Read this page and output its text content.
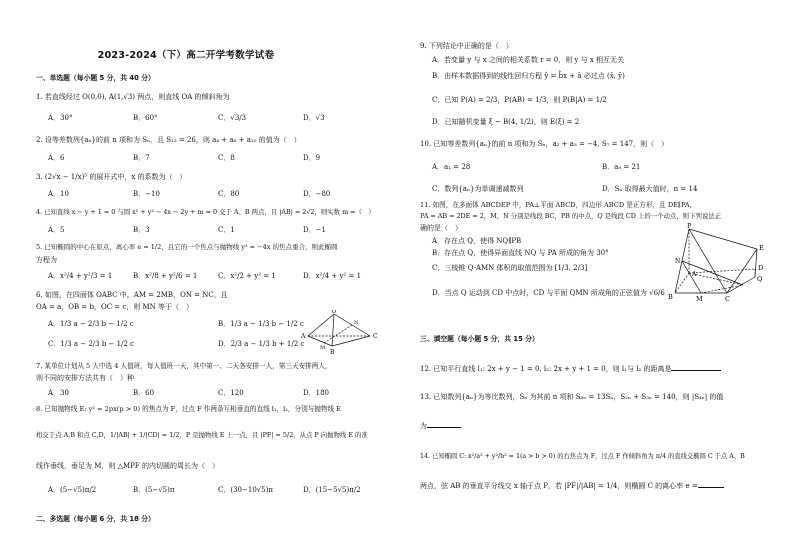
2023-2024（下）高二开学考数学试卷
一、单选题（每小题 5 分，共 40 分）
1. 若直线经过 O(0,0), A(1,√3) 两点，则直线 OA 的倾斜角为
A．30°	B．60°	C．√3/3	D．√3
2. 设等差数列{aₙ}的前 n 项和为 Sₙ，且 S₁₃ = 26，则 a₄ + a₆ + a₁₀ 的值为（　）
A．6	B．7	C．8	D．9
3. (2√x − 1/x)⁵ 的展开式中，x 的系数为（　）
A．10	B．−10	C．80	D．−80
4. 已知直线 x − y + 1 = 0 与圆 x² + y² − 4x − 2y + m = 0 交于 A、B 两点，且 |AB| = 2√2，则实数 m =（　）
A．5	B．3	C．1	D．−1
5. 已知椭圆的中心在原点，离心率 e = 1/2，且它的一个焦点与抛物线 y² = −4x 的焦点重合，则此椭圆
方程为
A．x²/4 + y²/3 = 1	B．x²/8 + y²/6 = 1	C．x²/2 + y² = 1	D．x²/4 + y² = 1
6. 如图，在四面体 OABC 中，AM = 2MB，ON = NC，且
OA = a，OB = b，OC = c，则 MN 等于（　）
A．1/3 a − 2/3 b − 1/2 c	B．1/3 a − 1/3 b − 1/2 c
C．1/3 a − 2/3 b − 1/2 c	D．2/3 a − 1/3 b + 1/2 c
O
A
B
C
M
N
7. 某单位计划从 5 人中选 4 人值班，每人值班一天，其中第一、二天各安排一人，第三天安排两人，
则不同的安排方法共有（　）种
A．30	B．60	C．120	D．180
8. 已知抛物线 E: y² = 2px(p > 0) 的焦点为 F，过点 F 作两条互相垂直的直线 l₁，l₂，分别与抛物线 E
相交于点 A,B 和点 C,D，1/|AB| + 1/|CD| = 1/2，P 是抛物线 E 上一点，且 |PF| = 5/2，从点 P 向抛物线 E 的准
线作垂线，垂足为 M，则 △MPF 的内切圆的周长为（　）
A．(5−√5)π/2	B．(5−√5)π	C．(30−10√5)π	D．(15−5√5)π/2
二、多选题（每小题 6 分，共 18 分）
9. 下列结论中正确的是（　）
A．若变量 y 与 x 之间的相关系数 r = 0，则 y 与 x 相互无关
B．由样本数据得到的线性回归方程 ŷ = b̂x + â 必过点 (x̄, ȳ)
C．已知 P(A) = 2/3，P(AB) = 1/3，则 P(B|A) = 1/2
D．已知随机变量 ξ ~ B(4, 1/2)，则 E(ξ) = 2
10. 已知等差数列{aₙ}的前 n 项和为 Sₙ，a₂ + a₃ = −4, S₇ = 147，则（　）
A．a₁ = 28	B．a₉ = 21
C．数列{aₙ}为单调递减数列	D．Sₙ 取得最大值时，n = 14
11. 如图，在多面体 ABCDEP 中，PA⊥平面 ABCD，四边形 ABCD 是正方形，且 DE∥PA，
PA = AB = 2DE = 2，M，N 分别是线段 BC，PB 的中点，Q 是线段 CD 上的一个动点，则下列说法正
确的是（　）
A．存在点 Q，使得 NQ∥PB
B．存在点 Q，使得异面直线 NQ 与 PA 所成的角为 30°
C．三棱锥 Q-AMN 体积的取值范围为 [1/3, 2/3]
D．当点 Q 运动到 CD 中点时，CD 与平面 QMN 所成角的正弦值为 √6/6
P
E
N
A
D
Q
B	M	C
三、填空题（每小题 5 分，共 15 分）
12. 已知平行直线 l₁: 2x + y − 1 = 0, l₂: 2x + y + 1 = 0，则 l₁与 l₂ 的距离是
13. 已知数列{aₙ}为等比数列，Sₙ 为其前 n 项和 S₃ₙ = 13Sₙ，S₂ₙ + S₃ₙ = 140，则 |S₄ₙ| 的值
为
14. 已知椭圆 C: x²/a² + y²/b² = 1(a > b > 0) 的右焦点为 F，过点 F 作倾斜角为 π/4 的直线交椭圆 C 于点 A、B
两点，弦 AB 的垂直平分线交 x 轴于点 P，若 |PF|/|AB| = 1/4，则椭圆 C 的离心率 e =
